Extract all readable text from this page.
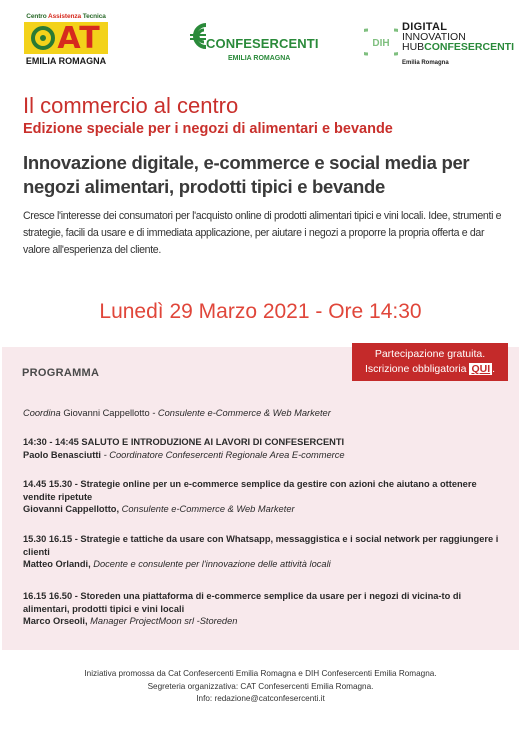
Centro Assistenza Tecnica
AT
EMILIA ROMAGNA
CONFESERCENTI
EMILIA ROMAGNA
DIH
DIGITAL
INNOVATION
HUBCONFESERCENTI
Emilia Romagna
Il commercio al centro
Edizione speciale per i negozi di alimentari e bevande
Innovazione digitale, e-commerce e social media per negozi alimentari, prodotti tipici e bevande
Cresce l'interesse dei consumatori per l'acquisto online di prodotti alimentari tipici e vini locali. Idee, strumenti e strategie, facili da usare e di immediata applicazione, per aiutare i negozi a proporre la propria offerta e dar valore all'esperienza del cliente.
Lunedì 29 Marzo 2021 - Ore 14:30
PROGRAMMA
Partecipazione gratuita.
Iscrizione obbligatoria QUI .
Coordina Giovanni Cappellotto - Consulente e-Commerce & Web Marketer
14:30 - 14:45 SALUTO E INTRODUZIONE AI LAVORI DI CONFESERCENTI
Paolo Benasciutti - Coordinatore Confesercenti Regionale Area E-commerce
14.45 15.30 - Strategie online per un e-commerce semplice da gestire con azioni che aiutano a ottenere vendite ripetute
Giovanni Cappellotto, Consulente e-Commerce & Web Marketer
15.30 16.15 - Strategie e tattiche da usare con Whatsapp, messaggistica e i social network per raggiungere i clienti
Matteo Orlandi, Docente e consulente per l'innovazione delle attività locali
16.15 16.50 - Storeden una piattaforma di e-commerce semplice da usare per i negozi di vicina-to di alimentari, prodotti tipici e vini locali
Marco Orseoli, Manager ProjectMoon srl -Storeden
Iniziativa promossa da Cat Confesercenti Emilia Romagna e DIH Confesercenti Emilia Romagna.
Segreteria organizzativa: CAT Confesercenti Emilia Romagna.
Info: redazione@catconfesercenti.it
